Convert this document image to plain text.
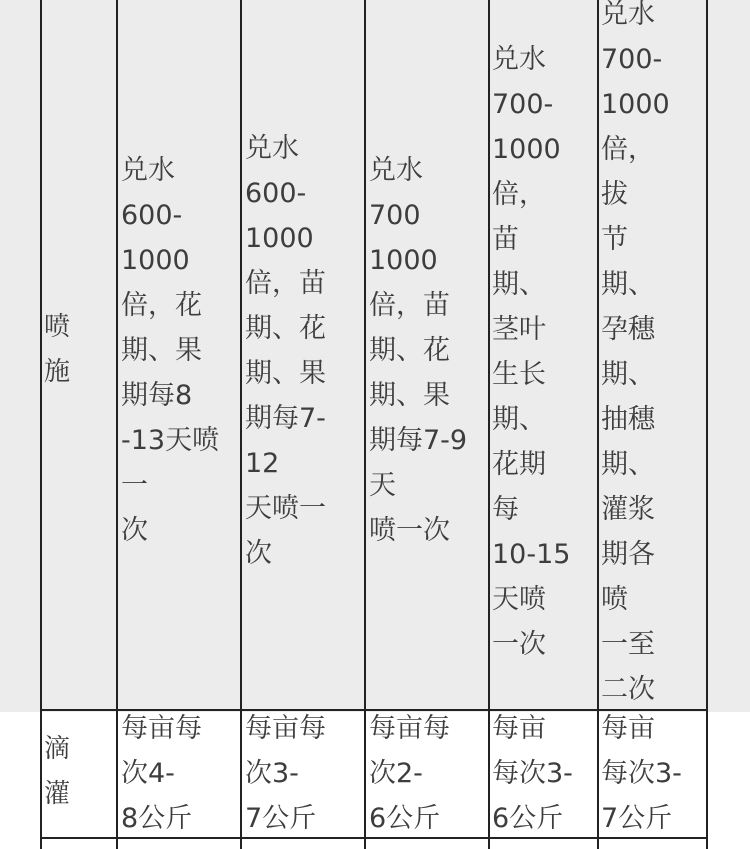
喷
施
兑水
600-
1000
倍，花
期、果
期每8
-13天喷
一
次
兑水
600-
1000
倍，苗
期、花
期、果
期每7-
12
天喷一
次
兑水
700
1000
倍，苗
期、花
期、果
期每7-9
天
喷一次
兑水
700-
1000
倍，
苗
期、
茎叶
生长
期、
花期
每
10-15
天喷
一次
兑水
700-
1000
倍，
拔
节
期、
孕穗
期、
抽穗
期、
灌浆
期各
喷
一至
二次
滴
灌
每亩每
次4-
8公斤
每亩每
次3-
7公斤
每亩每
次2-
6公斤
每亩
每次3-
6公斤
每亩
每次3-
7公斤
